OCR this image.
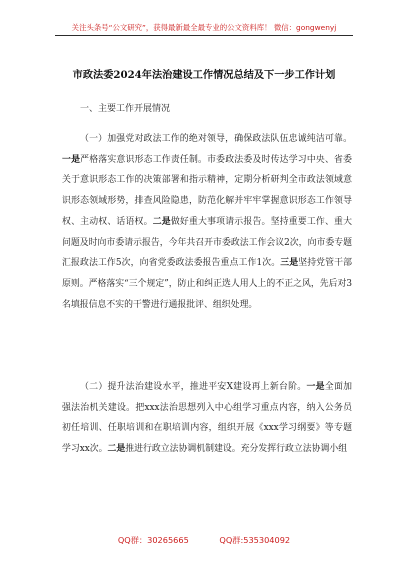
关注头条号“公文研究”，获得最新最全最专业的公文资料库！ 微信：gongwenyj
市政法委2024年法治建设工作情况总结及下一步工作计划
一、主要工作开展情况
（一）加强党对政法工作的绝对领导，确保政法队伍忠诚纯洁可靠。一是严格落实意识形态工作责任制。市委政法委及时传达学习中央、省委关于意识形态工作的决策部署和指示精神，定期分析研判全市政法领域意识形态领域形势，排查风险隐患，防范化解并牢牢掌握意识形态工作领导权、主动权、话语权。二是做好重大事项请示报告。坚持重要工作、重大问题及时向市委请示报告，今年共召开市委政法工作会议2次，向市委专题汇报政法工作5次，向省党委政法委报告重点工作1次。三是坚持党管干部原则。严格落实“三个规定”，防止和纠正选人用人上的不正之风，先后对3名填报信息不实的干警进行通报批评、组织处理。
（二）提升法治建设水平，推进平安X建设再上新台阶。一是全面加强法治机关建设。把xxx法治思想列入中心组学习重点内容，纳入公务员初任培训、任职培训和在职培训内容，组织开展《xxx学习纲要》等专题学习xx次。二是推进行政立法协调机制建设。充分发挥行政立法协调小组
QQ群：30265665	QQ群:535304092
